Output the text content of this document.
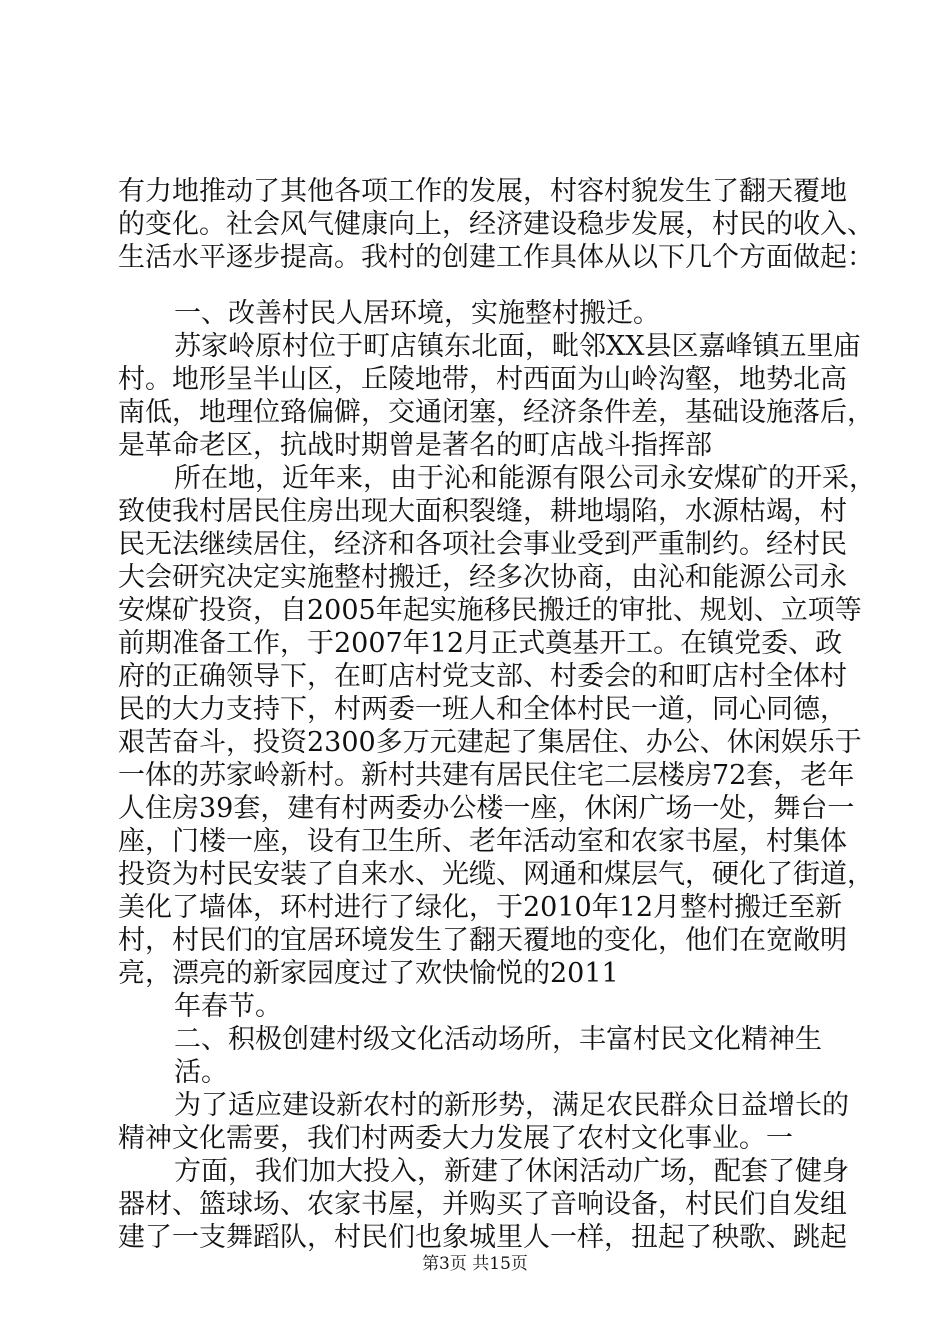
有力地推动了其他各项工作的发展，村容村貌发生了翻天覆地
的变化。社会风气健康向上，经济建设稳步发展，村民的收入、
生活水平逐步提高。我村的创建工作具体从以下几个方面做起：
一、改善村民人居环境，实施整村搬迁。
苏家岭原村位于町店镇东北面，毗邻XX县区嘉峰镇五里庙
村。地形呈半山区，丘陵地带，村西面为山岭沟壑，地势北高
南低，地理位臵偏僻，交通闭塞，经济条件差，基础设施落后，
是革命老区，抗战时期曾是著名的町店战斗指挥部
所在地，近年来，由于沁和能源有限公司永安煤矿的开采，
致使我村居民住房出现大面积裂缝，耕地塌陷，水源枯竭，村
民无法继续居住，经济和各项社会事业受到严重制约。经村民
大会研究决定实施整村搬迁，经多次协商，由沁和能源公司永
安煤矿投资，自2005年起实施移民搬迁的审批、规划、立项等
前期准备工作，于2007年12月正式奠基开工。在镇党委、政
府的正确领导下，在町店村党支部、村委会的和町店村全体村
民的大力支持下，村两委一班人和全体村民一道，同心同德，
艰苦奋斗，投资2300多万元建起了集居住、办公、休闲娱乐于
一体的苏家岭新村。新村共建有居民住宅二层楼房72套，老年
人住房39套，建有村两委办公楼一座，休闲广场一处，舞台一
座，门楼一座，设有卫生所、老年活动室和农家书屋，村集体
投资为村民安装了自来水、光缆、网通和煤层气，硬化了街道，
美化了墙体，环村进行了绿化，于2010年12月整村搬迁至新
村，村民们的宜居环境发生了翻天覆地的变化，他们在宽敞明
亮，漂亮的新家园度过了欢快愉悦的2011
年春节。
二、积极创建村级文化活动场所，丰富村民文化精神生
活。
为了适应建设新农村的新形势，满足农民群众日益增长的
精神文化需要，我们村两委大力发展了农村文化事业。一
方面，我们加大投入，新建了休闲活动广场，配套了健身
器材、篮球场、农家书屋，并购买了音响设备，村民们自发组
建了一支舞蹈队，村民们也象城里人一样，扭起了秧歌、跳起
第3页 共15页
